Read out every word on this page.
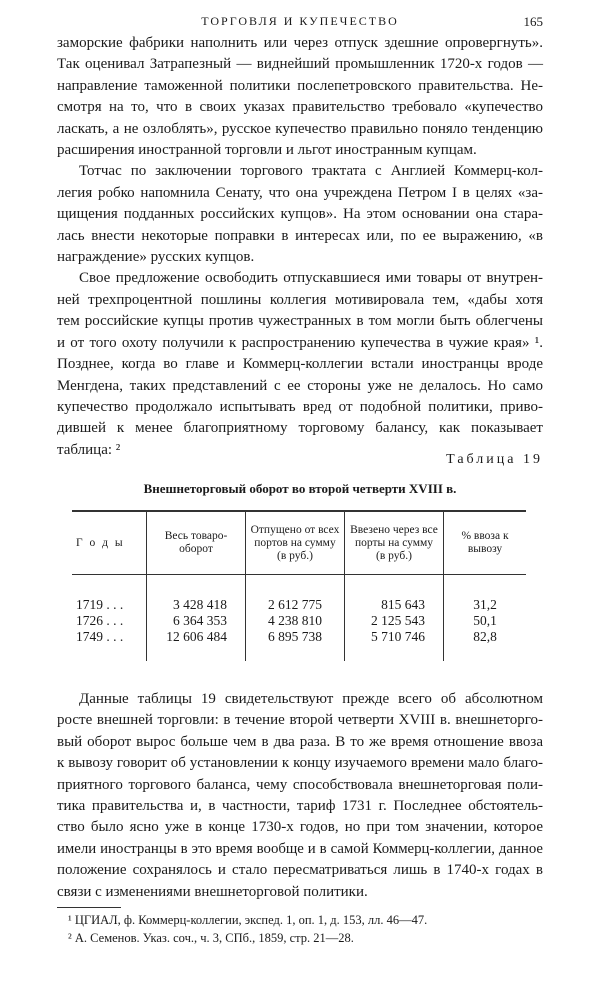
ТОРГОВЛЯ И КУПЕЧЕСТВО	165
заморские фабрики наполнить или через отпуск здешние опровергнуть».
Так оценивал Затрапезный — виднейший промышленник 1720-х годов —
направление таможенной политики послепетровского правительства. Не-
смотря на то, что в своих указах правительство требовало «купечество
ласкать, а не озлоблять», русское купечество правильно поняло тенденцию
расширения иностранной торговли и льгот иностранным купцам.
Тотчас по заключении торгового трактата с Англией Коммерц-кол-
легия робко напомнила Сенату, что она учреждена Петром I в целях «за-
щищения подданных российских купцов». На этом основании она стара-
лась внести некоторые поправки в интересах или, по ее выражению, «в
награждение» русских купцов.
Свое предложение освободить отпускавшиеся ими товары от внутрен-
ней трехпроцентной пошлины коллегия мотивировала тем, «дабы хотя
тем российские купцы против чужестранных в том могли быть облегчены
и от того охоту получили к распространению купечества в чужие края» ¹.
Позднее, когда во главе и Коммерц-коллегии встали иностранцы вроде
Менгдена, таких представлений с ее стороны уже не делалось. Но само
купечество продолжало испытывать вред от подобной политики, приво-
дившей к менее благоприятному торговому балансу, как показывает
таблица: ²
Таблица 19
Внешнеторговый оборот во второй четверти XVIII в.
Г о д ы	Весь товаро- оборот	Отпущено от всех портов на сумму (в руб.)	Ввезено через все порты на сумму (в руб.)	% ввоза к вывозу
1719 . . .	3 428 418	2 612 775	815 643	31,2
1726 . . .	6 364 353	4 238 810	2 125 543	50,1
1749 . . .	12 606 484	6 895 738	5 710 746	82,8
Данные таблицы 19 свидетельствуют прежде всего об абсолютном
росте внешней торговли: в течение второй четверти XVIII в. внешнеторго-
вый оборот вырос больше чем в два раза. В то же время отношение ввоза
к вывозу говорит об установлении к концу изучаемого времени мало благо-
приятного торгового баланса, чему способствовала внешнеторговая поли-
тика правительства и, в частности, тариф 1731 г. Последнее обстоятель-
ство было ясно уже в конце 1730-х годов, но при том значении, которое
имели иностранцы в это время вообще и в самой Коммерц-коллегии, данное
положение сохранялось и стало пересматриваться лишь в 1740-х годах в
связи с изменениями внешнеторговой политики.
¹ ЦГИАЛ, ф. Коммерц-коллегии, экспед. 1, оп. 1, д. 153, лл. 46—47.
² А. Семенов. Указ. соч., ч. 3, СПб., 1859, стр. 21—28.
